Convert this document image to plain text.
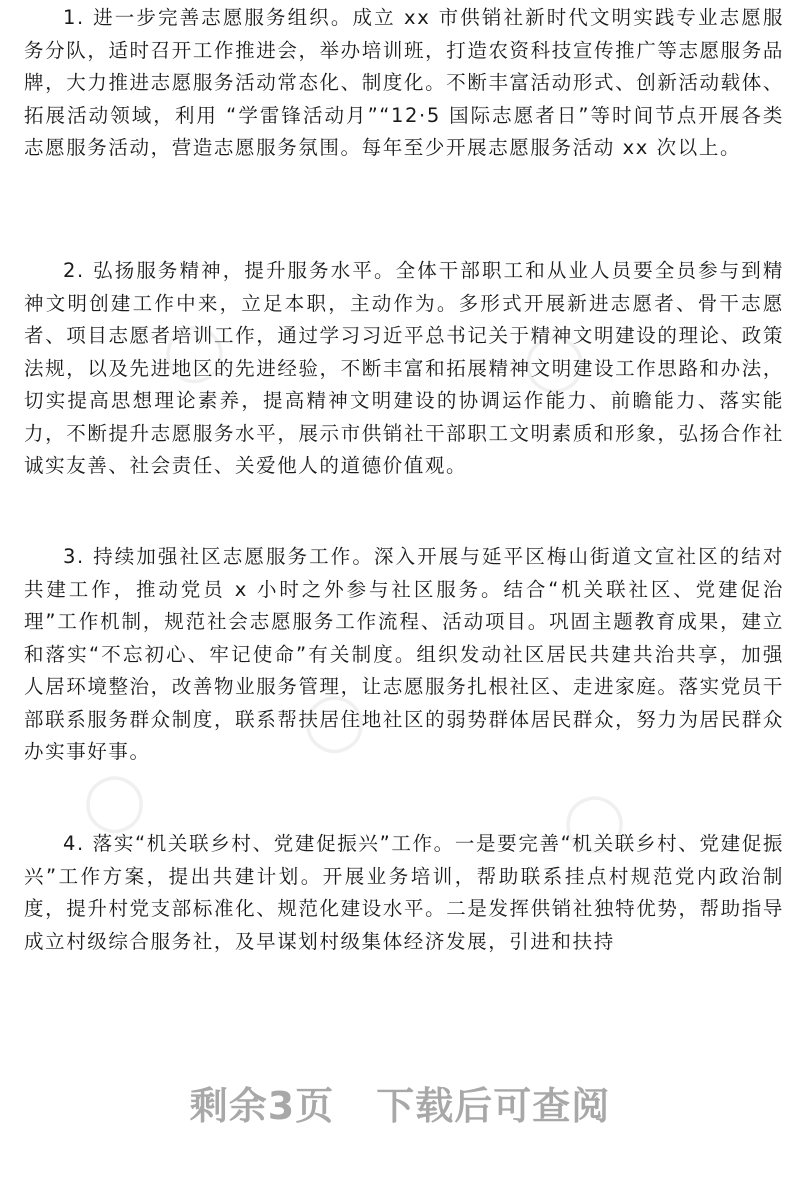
◯	◯
◯
◯	◯

1. 进一步完善志愿服务组织。成立 xx 市供销社新时代文明实践专业志愿服务分队，适时召开工作推进会，举办培训班，打造农资科技宣传推广等志愿服务品牌，大力推进志愿服务活动常态化、制度化。不断丰富活动形式、创新活动载体、拓展活动领域，利用 “学雷锋活动月”“12·5 国际志愿者日”等时间节点开展各类志愿服务活动，营造志愿服务氛围。每年至少开展志愿服务活动 xx 次以上。

2. 弘扬服务精神，提升服务水平。全体干部职工和从业人员要全员参与到精神文明创建工作中来，立足本职，主动作为。多形式开展新进志愿者、骨干志愿者、项目志愿者培训工作，通过学习习近平总书记关于精神文明建设的理论、政策法规，以及先进地区的先进经验，不断丰富和拓展精神文明建设工作思路和办法，切实提高思想理论素养，提高精神文明建设的协调运作能力、前瞻能力、落实能力，不断提升志愿服务水平，展示市供销社干部职工文明素质和形象，弘扬合作社诚实友善、社会责任、关爱他人的道德价值观。

3. 持续加强社区志愿服务工作。深入开展与延平区梅山街道文宣社区的结对共建工作，推动党员 x 小时之外参与社区服务。结合“机关联社区、党建促治理”工作机制，规范社会志愿服务工作流程、活动项目。巩固主题教育成果，建立和落实“不忘初心、牢记使命”有关制度。组织发动社区居民共建共治共享，加强人居环境整治，改善物业服务管理，让志愿服务扎根社区、走进家庭。落实党员干部联系服务群众制度，联系帮扶居住地社区的弱势群体居民群众，努力为居民群众办实事好事。

4. 落实“机关联乡村、党建促振兴”工作。一是要完善“机关联乡村、党建促振兴”工作方案，提出共建计划。开展业务培训，帮助联系挂点村规范党内政治制度，提升村党支部标准化、规范化建设水平。二是发挥供销社独特优势，帮助指导成立村级综合服务社，及早谋划村级集体经济发展，引进和扶持

剩余3页 下载后可查阅
